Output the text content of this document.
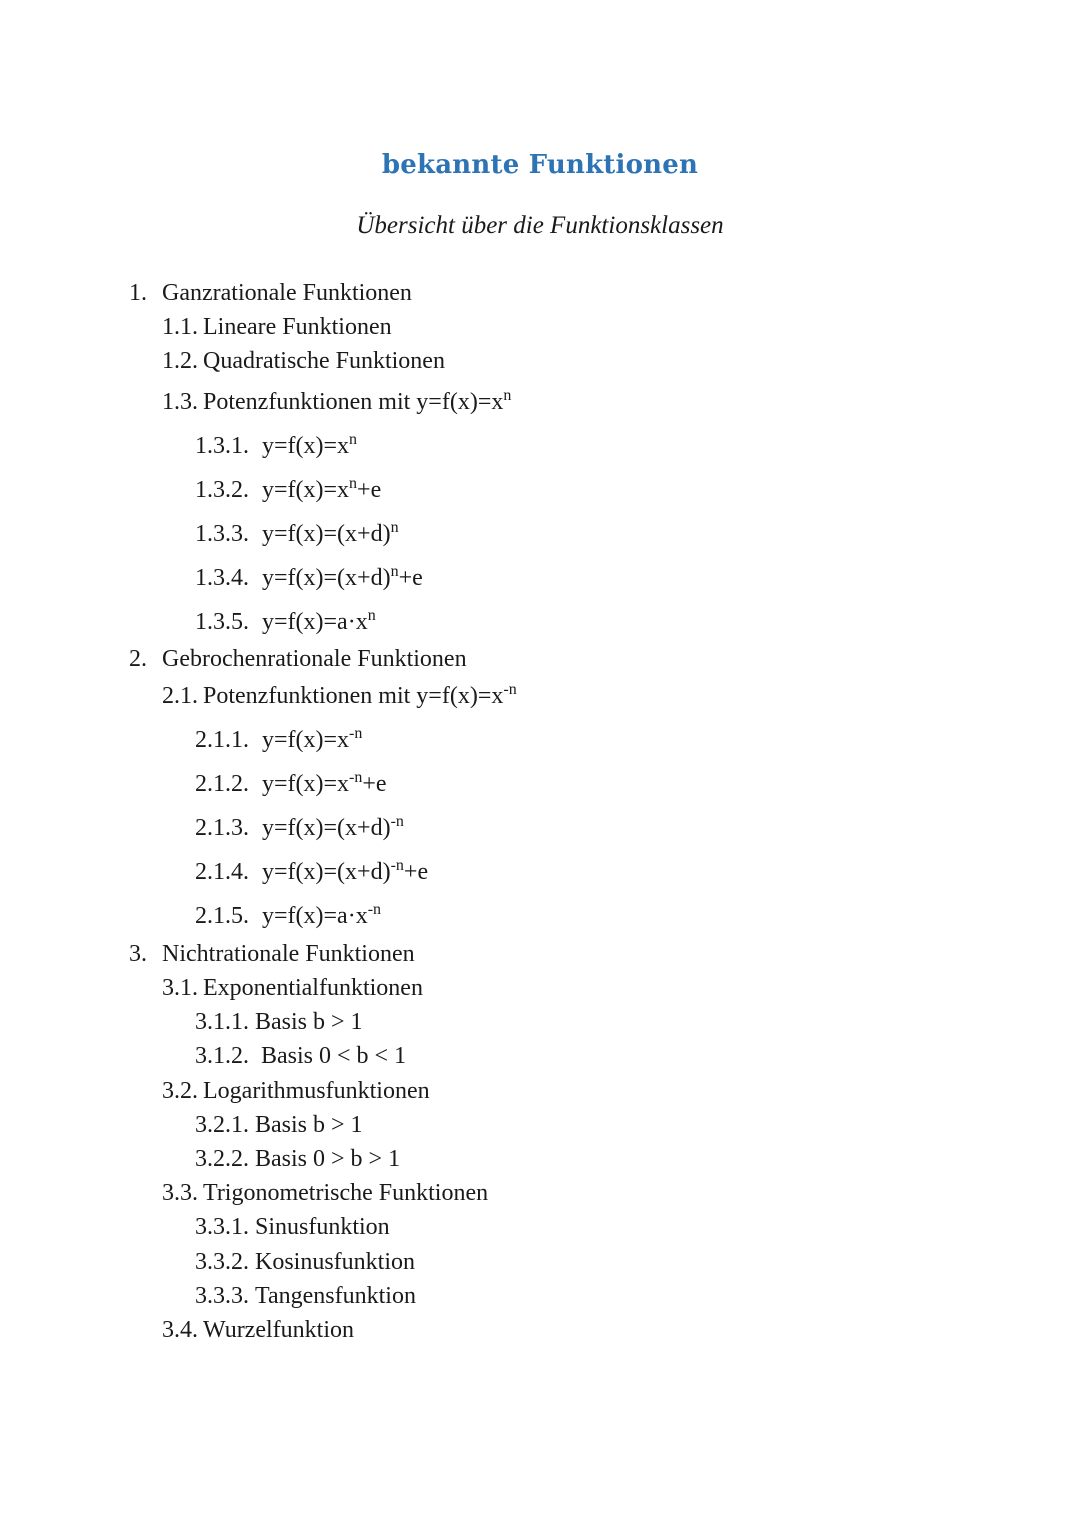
bekannte Funktionen
Übersicht über die Funktionsklassen
1. Ganzrationale Funktionen
1.1. Lineare Funktionen
1.2. Quadratische Funktionen
1.3. Potenzfunktionen mit $y=f(x)=x^n$
1.3.1. $y=f(x)=x^n$
1.3.2. $y=f(x)=x^n+e$
1.3.3. $y=f(x)=(x+d)^n$
1.3.4. $y=f(x)=(x+d)^n+e$
1.3.5. $y=f(x)=a\cdot x^n$
2. Gebrochenrationale Funktionen
2.1. Potenzfunktionen mit $y=f(x)=x^{-n}$
2.1.1. $y=f(x)=x^{-n}$
2.1.2. $y=f(x)=x^{-n}+e$
2.1.3. $y=f(x)=(x+d)^{-n}$
2.1.4. $y=f(x)=(x+d)^{-n}+e$
2.1.5. $y=f(x)=a\cdot x^{-n}$
3. Nichtrationale Funktionen
3.1. Exponentialfunktionen
3.1.1. Basis b > 1
3.1.2. Basis 0 < b < 1
3.2. Logarithmusfunktionen
3.2.1. Basis b > 1
3.2.2. Basis 0 > b > 1
3.3. Trigonometrische Funktionen
3.3.1. Sinusfunktion
3.3.2. Kosinusfunktion
3.3.3. Tangensfunktion
3.4. Wurzelfunktion
